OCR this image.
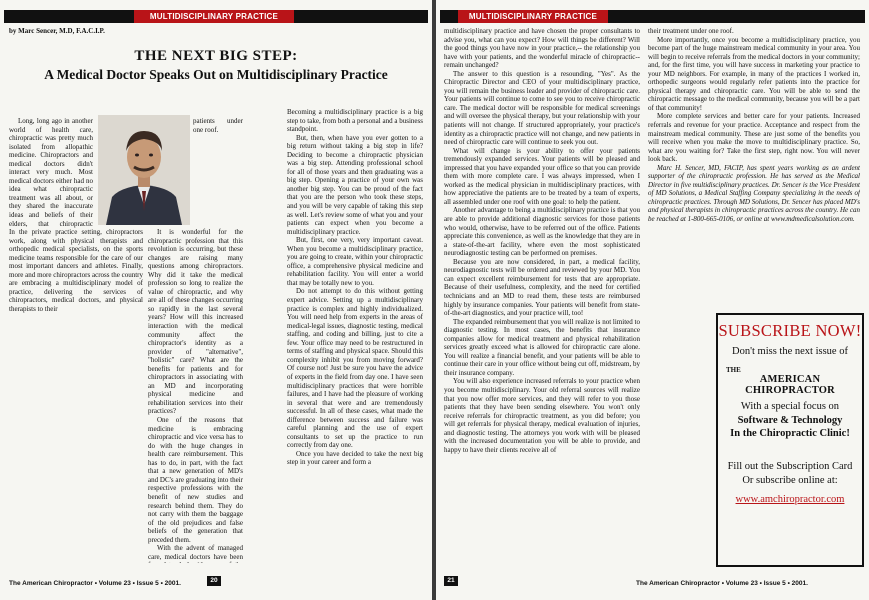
MULTIDISCIPLINARY PRACTICE
by Marc Sencer, M.D, F.A.C.I.P.
THE NEXT BIG STEP:
A Medical Doctor Speaks Out on Multidisciplinary Practice

Long, long ago in another world of health care, chiropractic was pretty much isolated from allopathic medicine. Chiropractors and medical doctors didn't interact very much. Most medical doctors either had no idea what chiropractic treatment was all about, or they shared the inaccurate ideas and beliefs of their elders, that chiropractic

In the private practice setting, chiropractors work, along with physical therapists and orthopedic medical specialists, on the sports medicine teams responsible for the care of our most important dancers and athletes. Finally, more and more chiropractors across the country are embracing a multidisciplinary model of practice, delivering the services of chiropractors, medical doctors, and physical therapists to their

patients under one roof.

It is wonderful for the chiropractic profession that this revolution is occurring, but these changes are raising many questions among chiropractors. Why did it take the medical profession so long to realize the value of chiropractic, and why are all of these changes occurring so rapidly in the last several years? How will this increased interaction with the medical community affect the chiropractor's identity as a provider of "alternative", "holistic" care? What are the benefits for patients and for chiropractors in associating with an MD and incorporating physical medicine and rehabilitation services into their practices?

One of the reasons that medicine is embracing chiropractic and vice versa has to do with the huge changes in health care reimbursement. This has to do, in part, with the fact that a new generation of MD's and DC's are graduating into their respective professions with the benefit of new studies and research behind them. They do not carry with them the baggage of the old prejudices and false beliefs of the generation that preceded them.

With the advent of managed care, medical doctors have been

Becoming a multidisciplinary practice is a big step to take, from both a personal and a business standpoint.

But, then, when have you ever gotten to a big return without taking a big step in life? Deciding to become a chiropractic physician was a big step. Attending professional school for all of those years and then graduating was a big step. Opening a practice of your own was another big step. You can be proud of the fact that you are the person who took these steps, and you will be very capable of taking this step as well. Let's review some of what you and your patients can expect when you become a multidisciplinary practice.

But, first, one very, very important caveat. When you become a multidisciplinary practice, you are going to create, within your chiropractic office, a comprehensive physical medicine and rehabilitation facility. You will enter a world that may be totally new to you.

Do not attempt to do this without getting expert advice. Setting up a multidisciplinary practice is complex and highly individualized. You will need help from experts in the areas of medical-legal issues, diagnostic testing, medical staffing, and coding and billing, just to cite a few. Your office may need to be restructured in terms of staffing and physical space. Should this complexity inhibit you from moving forward? Of course not! Just be sure you have the advice of experts in the field from day one. I have seen multidisciplinary practices that were horrible failures, and I have had the pleasure of working in several that were and are tremendously successful. In all of these cases, what made the difference between success and failure was careful planning and the use of expert consultants to set up the practice to run correctly from day one.

Once you have decided to take the next big step in your career and form a

The American Chiropractor • Volume 23 • Issue 5 • 2001.	20
MULTIDISCIPLINARY PRACTICE

multidisciplinary practice and have chosen the proper consultants to advise you, what can you expect? How will things be different? Will the good things you have now in your practice,-- the relationship you have with your patients, and the wonderful miracle of chiropractic--remain unchanged?

The answer to this question is a resounding, "Yes". As the Chiropractic Director and CEO of your multidisciplinary practice, you will remain the business leader and provider of chiropractic care. Your patients will continue to come to see you to receive chiropractic care. The medical doctor will be responsible for medical screenings and will oversee the physical therapy, but your relationship with your patients will not change. If structured appropriately, your practice's identity as a chiropractic practice will not change, and new patients in need of chiropractic care will continue to seek you out.

What will change is your ability to offer your patients tremendously expanded services. Your patients will be pleased and impressed that you have expanded your office so that you can provide them with more complete care. I was always impressed, when I worked as the medical physician in multidisciplinary practices, with how appreciative the patients are to be treated by a team of experts, all assembled under one roof with one goal: to help the patient.

Another advantage to being a multidisciplinary practice is that you are able to provide additional diagnostic services for those patients who would, otherwise, have to be referred out of the office. Patients appreciate this convenience, as well as the knowledge that they are in a state-of-the-art facility, where even the most sophisticated neurodiagnostic testing can be performed on premises.

Because you are now considered, in part, a medical facility, neurodiagnostic tests will be ordered and reviewed by your MD. You can expect excellent reimbursement for tests that are appropriate. Because of their usefulness, complexity, and the need for certified technicians and an MD to read them, these tests are reimbursed highly by insurance companies. Your patients will benefit from state-of-the-art diagnostics, and your practice will, too!

The expanded reimbursement that you will realize is not limited to diagnostic testing. In most cases, the benefits that insurance companies allow for medical treatment and physical rehabilitation services greatly exceed what is allowed for chiropractic care alone. You will realize a financial benefit, and your patients will be able to continue their care in your office without being cut off, midstream, by their insurance company.

You will also experience increased referrals to your practice when you become multidisciplinary. Your old referral sources will realize that you now offer more services, and they will refer to you those patients that they have been sending elsewhere. You won't only receive referrals for chiropractic treatment, as you did before; you will get referrals for physical therapy, medical evaluation of injuries, and diagnostic testing. The attorneys you work with will be pleased with the increased documentation you will be able to provide, and happy to have their clients receive all of

their treatment under one roof.

More importantly, once you become a multidisciplinary practice, you become part of the huge mainstream medical community in your area. You will begin to receive referrals from the medical doctors in your community; and, for the first time, you will have success in marketing your practice to your MD neighbors. For example, in many of the practices I worked in, orthopedic surgeons would regularly refer patients into the practice for physical therapy and chiropractic care. You will be able to send the chiropractic message to the medical community, because you will be a part of that community!

More complete services and better care for your patients. Increased referrals and revenue for your practice. Acceptance and respect from the mainstream medical community. These are just some of the benefits you will receive when you make the move to multidisciplinary practice. So, what are you waiting for? Take the first step, right now. You will never look back.

Marc H. Sencer, MD, FACIP, has spent years working as an ardent supporter of the chiropractic profession. He has served as the Medical Director in five multidisciplinary practices. Dr. Sencer is the Vice President of MD Solutions, a Medical Staffing Company specializing in the needs of chiropractic practices. Through MD Solutions, Dr. Sencer has placed MD's and physical therapists in chiropractic practices across the country. He can be reached at 1-800-665-0106, or online at www.mdmedicalsolution.com.

SUBSCRIBE NOW!
Don't miss the next issue of
THE
AMERICAN CHIROPRACTOR
With a special focus on
Software & Technology
In the Chiropractic Clinic!
Fill out the Subscription Card
Or subscribe online at:
www.amchiropractor.com
21	The American Chiropractor • Volume 23 • Issue 5 • 2001.
